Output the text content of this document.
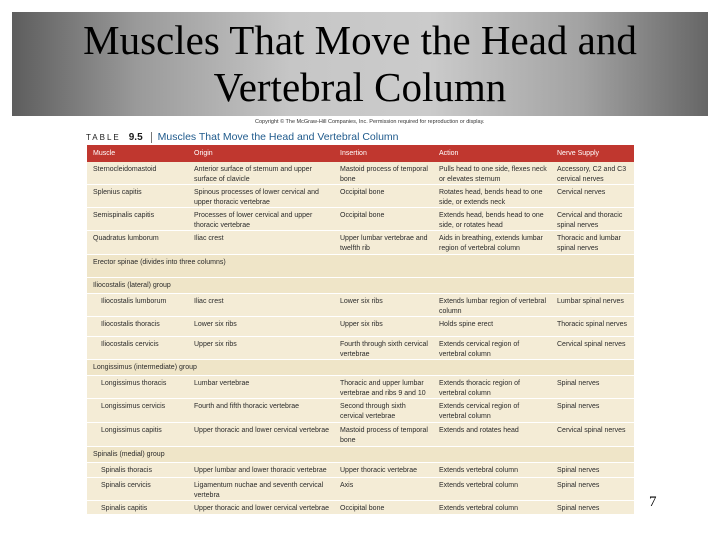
Muscles That Move the Head and
Vertebral Column
Copyright © The McGraw-Hill Companies, Inc. Permission required for reproduction or display.
TABLE 9.5 Muscles That Move the Head and Vertebral Column
Muscle	Origin	Insertion	Action	Nerve Supply
Sternocleidomastoid	Anterior surface of sternum and upper surface of clavicle	Mastoid process of temporal bone	Pulls head to one side, flexes neck or elevates sternum	Accessory, C2 and C3 cervical nerves
Splenius capitis	Spinous processes of lower cervical and upper thoracic vertebrae	Occipital bone	Rotates head, bends head to one side, or extends neck	Cervical nerves
Semispinalis capitis	Processes of lower cervical and upper thoracic vertebrae	Occipital bone	Extends head, bends head to one side, or rotates head	Cervical and thoracic spinal nerves
Quadratus lumborum	Iliac crest	Upper lumbar vertebrae and twelfth rib	Aids in breathing, extends lumbar region of vertebral column	Thoracic and lumbar spinal nerves
Erector spinae (divides into three columns)				
Iliocostalis (lateral) group				
Iliocostalis lumborum	Iliac crest	Lower six ribs	Extends lumbar region of vertebral column	Lumbar spinal nerves
Iliocostalis thoracis	Lower six ribs	Upper six ribs	Holds spine erect	Thoracic spinal nerves
Iliocostalis cervicis	Upper six ribs	Fourth through sixth cervical vertebrae	Extends cervical region of vertebral column	Cervical spinal nerves
Longissimus (intermediate) group				
Longissimus thoracis	Lumbar vertebrae	Thoracic and upper lumbar vertebrae and ribs 9 and 10	Extends thoracic region of vertebral column	Spinal nerves
Longissimus cervicis	Fourth and fifth thoracic vertebrae	Second through sixth cervical vertebrae	Extends cervical region of vertebral column	Spinal nerves
Longissimus capitis	Upper thoracic and lower cervical vertebrae	Mastoid process of temporal bone	Extends and rotates head	Cervical spinal nerves
Spinalis (medial) group				
Spinalis thoracis	Upper lumbar and lower thoracic vertebrae	Upper thoracic vertebrae	Extends vertebral column	Spinal nerves
Spinalis cervicis	Ligamentum nuchae and seventh cervical vertebra	Axis	Extends vertebral column	Spinal nerves
Spinalis capitis	Upper thoracic and lower cervical vertebrae	Occipital bone	Extends vertebral column	Spinal nerves	7
